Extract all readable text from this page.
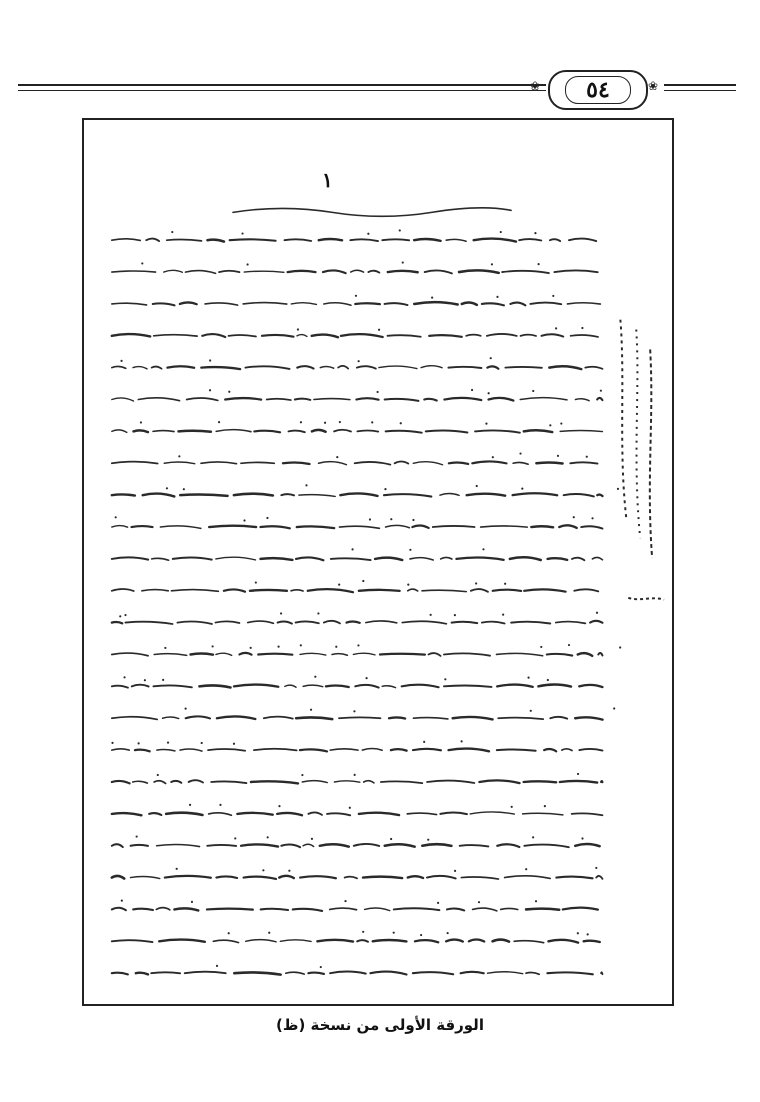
❀	٥٤	❀
١
الورقة الأولى من نسخة (ظ)
